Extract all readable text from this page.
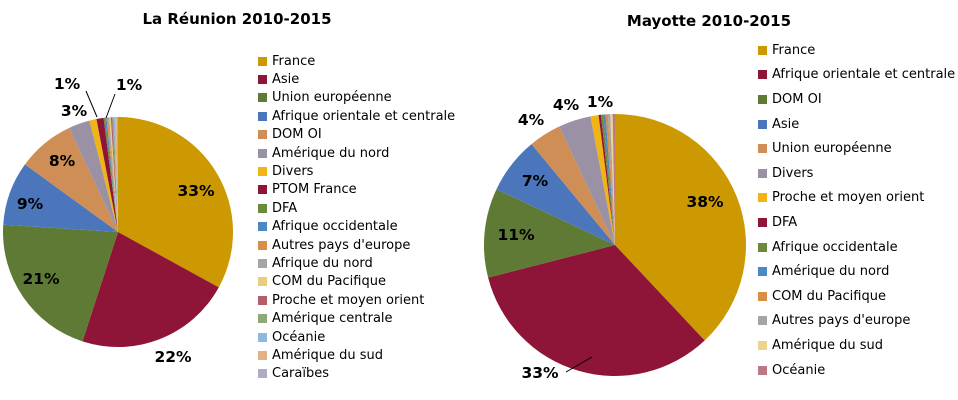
La Réunion 2010-2015	Mayotte 2010-2015
33%
22%
21%
9%
8%
3%
1% 1%
38%
33%
11%
7%
4%
4% 1%
France
Asie
Union européenne
Afrique orientale et centrale
DOM OI
Amérique du nord
Divers
PTOM France
DFA
Afrique occidentale
Autres pays d'europe
Afrique du nord
COM du Pacifique
Proche et moyen orient
Amérique centrale
Océanie
Amérique du sud
Caraïbes
France
Afrique orientale et centrale
DOM OI
Asie
Union européenne
Divers
Proche et moyen orient
DFA
Afrique occidentale
Amérique du nord
COM du Pacifique
Autres pays d'europe
Amérique du sud
Océanie
